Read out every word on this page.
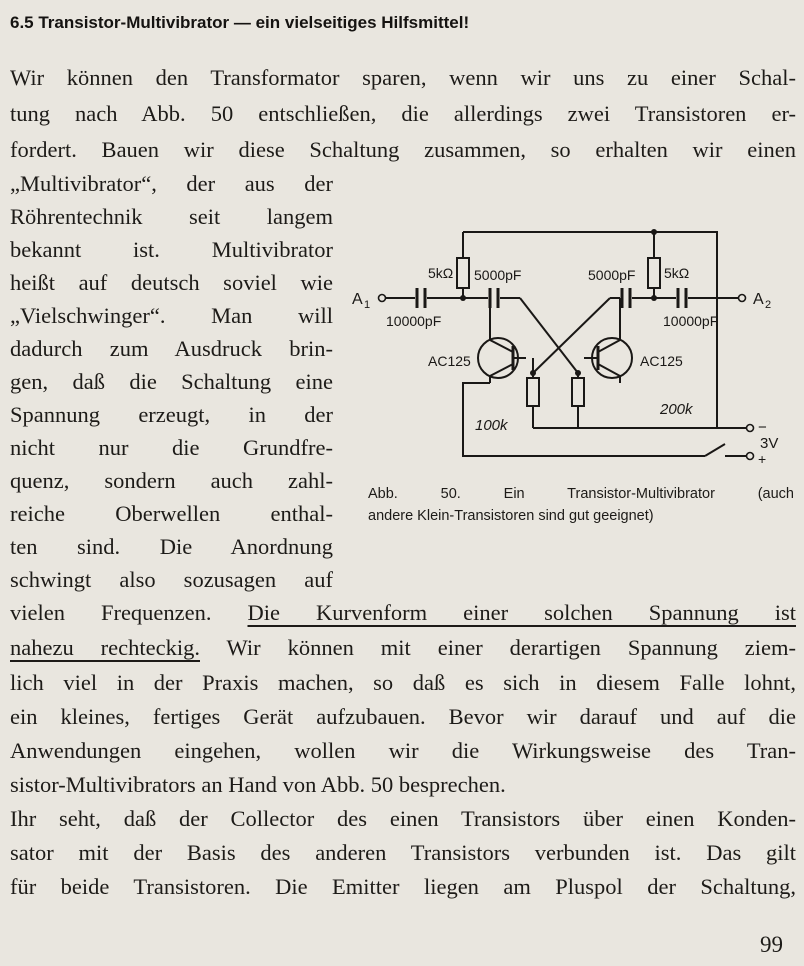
6.5 Transistor-Multivibrator — ein vielseitiges Hilfsmittel!
Wir können den Transformator sparen, wenn wir uns zu einer Schal-
tung nach Abb. 50 entschließen, die allerdings zwei Transistoren er-
fordert. Bauen wir diese Schaltung zusammen, so erhalten wir einen
„Multivibrator“, der aus der
Röhrentechnik seit langem
bekannt ist. Multivibrator
heißt auf deutsch soviel wie
„Vielschwinger“. Man will
dadurch zum Ausdruck brin-
gen, daß die Schaltung eine
Spannung erzeugt, in der
nicht nur die Grundfre-
quenz, sondern auch zahl-
reiche Oberwellen enthal-
ten sind. Die Anordnung
schwingt also sozusagen auf
vielen Frequenzen. Die Kurvenform einer solchen Spannung ist
nahezu rechteckig. Wir können mit einer derartigen Spannung ziem-
lich viel in der Praxis machen, so daß es sich in diesem Falle lohnt,
ein kleines, fertiges Gerät aufzubauen. Bevor wir darauf und auf die
Anwendungen eingehen, wollen wir die Wirkungsweise des Tran-
sistor-Multivibrators an Hand von Abb. 50 besprechen.
Ihr seht, daß der Collector des einen Transistors über einen Konden-
sator mit der Basis des anderen Transistors verbunden ist. Das gilt
für beide Transistoren. Die Emitter liegen am Pluspol der Schaltung,
A 1	A 2
5kΩ	5kΩ
5000pF	5000pF
10000pF	10000pF
AC125	AC125
100k
200k
−
3V
+
Abb. 50. Ein Transistor-Multivibrator (auch
andere Klein-Transistoren sind gut geeignet)
99
